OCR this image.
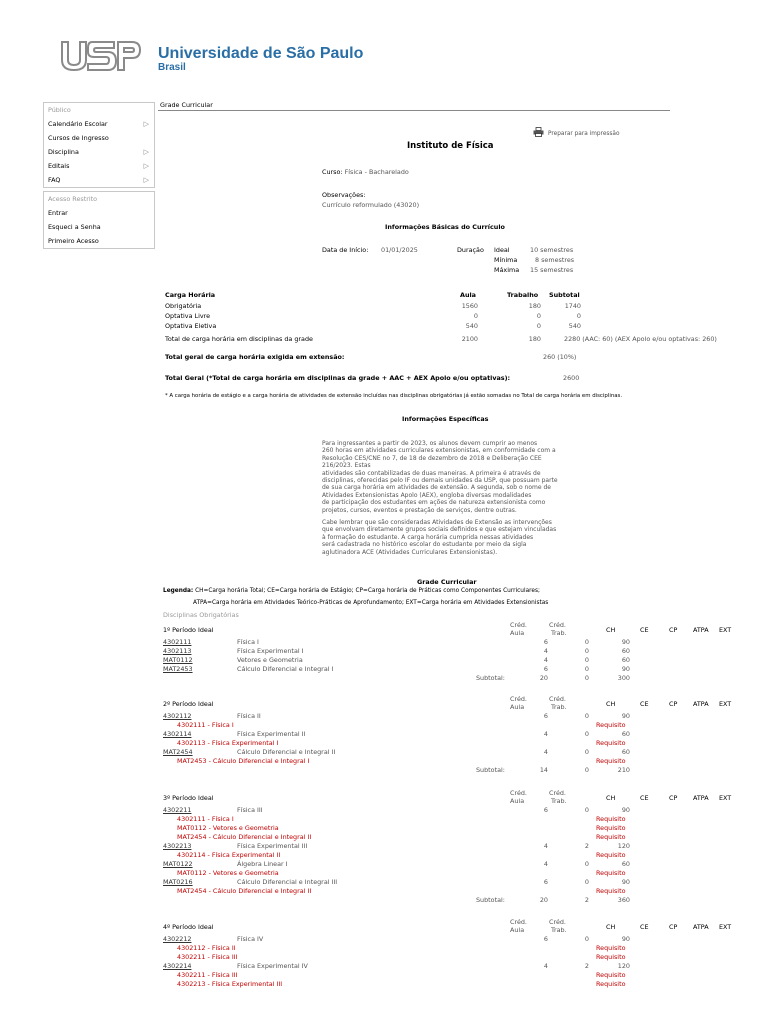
Universidade de São Paulo
Brasil
Público
Calendário Escolar	▷
Cursos de Ingresso
Disciplina	▷
Editais	▷
FAQ	▷
Acesso Restrito
Entrar
Esqueci a Senha
Primeiro Acesso
Grade Curricular
Preparar para impressão
Instituto de Física
Curso: Física - Bacharelado
Observações:
Currículo reformulado (43020)
Informações Básicas do Currículo
Data de Início: 01/01/2025	Duração Ideal	10 semestres
Mínima	8 semestres
Máxima 15 semestres
Carga Horária	Aula	Trabalho Subtotal
Obrigatória	1560	180	1740
Optativa Livre	0	0	0
Optativa Eletiva	540	0	540
Total de carga horária em disciplinas da grade	2100	180	2280 (AAC: 60) (AEX Apolo e/ou optativas: 260)
Total geral de carga horária exigida em extensão:	260 (10%)
Total Geral (*Total de carga horária em disciplinas da grade + AAC + AEX Apolo e/ou optativas):	2600
* A carga horária de estágio e a carga horária de atividades de extensão incluídas nas disciplinas obrigatórias já estão somadas no Total de carga horária em disciplinas.
Informações Específicas
Para ingressantes a partir de 2023, os alunos devem cumprir ao menos
260 horas em atividades curriculares extensionistas, em conformidade com a
Resolução CES/CNE no 7, de 18 de dezembro de 2018 e Deliberação CEE
216/2023. Estas
atividades são contabilizadas de duas maneiras. A primeira é através de
disciplinas, oferecidas pelo IF ou demais unidades da USP, que possuam parte
de sua carga horária em atividades de extensão. A segunda, sob o nome de
Atividades Extensionistas Apolo (AEX), engloba diversas modalidades
de participação dos estudantes em ações de natureza extensionista como
projetos, cursos, eventos e prestação de serviços, dentre outras.
Cabe lembrar que são consideradas Atividades de Extensão as intervenções
que envolvam diretamente grupos sociais definidos e que estejam vinculadas
à formação do estudante. A carga horária cumprida nessas atividades
será cadastrada no histórico escolar do estudante por meio da sigla
aglutinadora ACE (Atividades Curriculares Extensionistas).
Grade Curricular
Legenda: CH=Carga horária Total; CE=Carga horária de Estágio; CP=Carga horária de Práticas como Componentes Curriculares;
ATPA=Carga horária em Atividades Teórico-Práticas de Aprofundamento; EXT=Carga horária em Atividades Extensionistas
Disciplinas Obrigatórias
1º Período Ideal
Créd.
Aula
Créd.
Trab.	CH	CE	CP ATPA EXT
4302111	Física I	6	0	90
4302113	Física Experimental I	4	0	60
MAT0112	Vetores e Geometria	4	0	60
MAT2453	Cálculo Diferencial e Integral I	6	0	90
Subtotal:	20	0	300
2º Período Ideal
Créd.
Aula
Créd.
Trab.	CH	CE	CP ATPA EXT
4302112	Física II	6	0	90
4302111 - Física I	Requisito
4302114	Física Experimental II	4	0	60
4302113 - Física Experimental I	Requisito
MAT2454	Cálculo Diferencial e Integral II	4	0	60
MAT2453 - Cálculo Diferencial e Integral I	Requisito
Subtotal:	14	0	210
3º Período Ideal
Créd.
Aula
Créd.
Trab.	CH	CE	CP ATPA EXT
4302211	Física III	6	0	90
4302111 - Física I	Requisito
MAT0112 - Vetores e Geometria	Requisito
MAT2454 - Cálculo Diferencial e Integral II	Requisito
4302213	Física Experimental III	4	2	120
4302114 - Física Experimental II	Requisito
MAT0122	Álgebra Linear I	4	0	60
MAT0112 - Vetores e Geometria	Requisito
MAT0216	Cálculo Diferencial e Integral III	6	0	90
MAT2454 - Cálculo Diferencial e Integral II	Requisito
Subtotal:	20	2	360
4º Período Ideal
Créd.
Aula
Créd.
Trab.	CH	CE	CP ATPA EXT
4302212	Física IV	6	0	90
4302112 - Física II	Requisito
4302211 - Física III	Requisito
4302214	Física Experimental IV	4	2	120
4302211 - Física III	Requisito
4302213 - Física Experimental III	Requisito
